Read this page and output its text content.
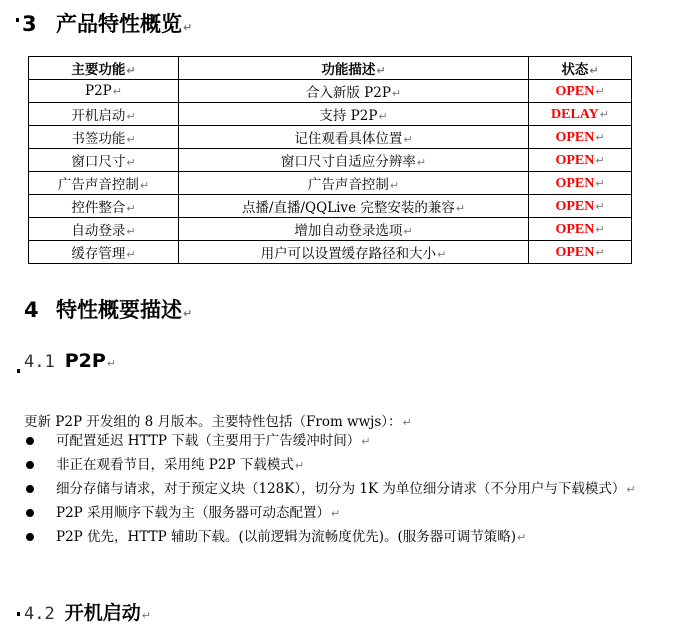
3 产品特性概览↵
主要功能↵	功能描述↵	状态↵
P2P↵	合入新版 P2P↵	OPEN↵
开机启动↵	支持 P2P↵	DELAY↵
书签功能↵	记住观看具体位置↵	OPEN↵
窗口尺寸↵	窗口尺寸自适应分辨率↵	OPEN↵
广告声音控制↵	广告声音控制↵	OPEN↵
控件整合↵	点播/直播/QQLive 完整安装的兼容↵	OPEN↵
自动登录↵	增加自动登录选项↵	OPEN↵
缓存管理↵	用户可以设置缓存路径和大小↵	OPEN↵
4 特性概要描述↵
4.1 P2P↵
更新 P2P 开发组的 8 月版本。主要特性包括（From wwjs）：↵
可配置延迟 HTTP 下载（主要用于广告缓冲时间）↵
非正在观看节目，采用纯 P2P 下载模式↵
细分存储与请求，对于预定义块（128K），切分为 1K 为单位细分请求（不分用户与下载模式）↵
P2P 采用顺序下载为主（服务器可动态配置）↵
P2P 优先，HTTP 辅助下载。(以前逻辑为流畅度优先)。(服务器可调节策略)↵
4.2 开机启动↵
